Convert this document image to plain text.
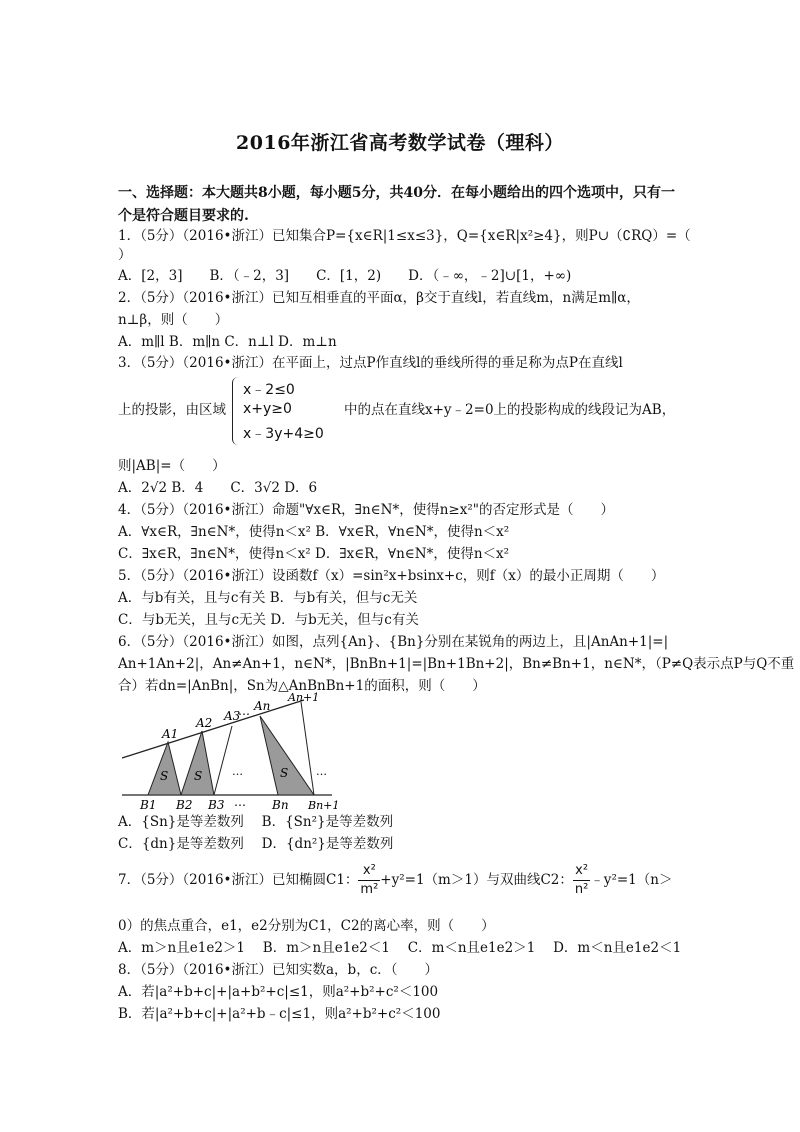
2016年浙江省高考数学试卷（理科）
一、选择题：本大题共8小题，每小题5分，共40分．在每小题给出的四个选项中，只有一个是符合题目要求的.
1．（5分）（2016•浙江）已知集合P={x∈R|1≤x≤3}，Q={x∈R|x²≥4}，则P∪（∁RQ）=（
）
A．[2，3]　　B．（﹣2，3]　　C．[1，2)　　D．（﹣∞，﹣2]∪[1，+∞)
2．（5分）（2016•浙江）已知互相垂直的平面α，β交于直线l，若直线m，n满足m∥α，
n⊥β，则（　　）
A．m∥l B．m∥n C．n⊥l D．m⊥n
3．（5分）（2016•浙江）在平面上，过点P作直线l的垂线所得的垂足称为点P在直线l
上的投影，由区域
x﹣2≤0
x+y≥0
x﹣3y+4≥0
中的点在直线x+y﹣2=0上的投影构成的线段记为AB，
则|AB|=（　　）
A．2√2 B．4　　C．3√2 D．6
4．（5分）（2016•浙江）命题"∀x∈R，∃n∈N*，使得n≥x²"的否定形式是（　　）
A．∀x∈R，∃n∈N*，使得n＜x² B．∀x∈R，∀n∈N*，使得n＜x²
C．∃x∈R，∃n∈N*，使得n＜x² D．∃x∈R，∀n∈N*，使得n＜x²
5．（5分）（2016•浙江）设函数f（x）=sin²x+bsinx+c，则f（x）的最小正周期（　　）
A．与b有关，且与c有关 B．与b有关，但与c无关
C．与b无关，且与c无关 D．与b无关，但与c有关
6．（5分）（2016•浙江）如图，点列{An}、{Bn}分别在某锐角的两边上，且|AnAn+1|=|
An+1An+2|，An≠An+1，n∈N*，|BnBn+1|=|Bn+1Bn+2|，Bn≠Bn+1，n∈N*，（P≠Q表示点P与Q不重
合）若dn=|AnBn|，Sn为△AnBnBn+1的面积，则（　　）
A1
A2 A3
… An
An+1
S S	S
…	…
B1 B2 B3 … Bn Bn+1
A．{Sn}是等差数列　 B．{Sn²}是等差数列
C．{dn}是等差数列　 D．{dn²}是等差数列
7．（5分）（2016•浙江）已知椭圆C1： $\frac{\text{x²}}{\text{m²}} +y^2=1(m>1)$与双曲线C2： $\frac{\text{x²}}{\text{n²}}$ ﹣y²=1（n＞
0）的焦点重合，e1，e2分别为C1，C2的离心率，则（　　）
A．m＞n且e1e2＞1　 B．m＞n且e1e2＜1　 C．m＜n且e1e2＞1　 D．m＜n且e1e2＜1
8．（5分）（2016•浙江）已知实数a，b，c．（　　）
A．若|a²+b+c|+|a+b²+c|≤1，则a²+b²+c²＜100
B．若|a²+b+c|+|a²+b﹣c|≤1，则a²+b²+c²＜100
